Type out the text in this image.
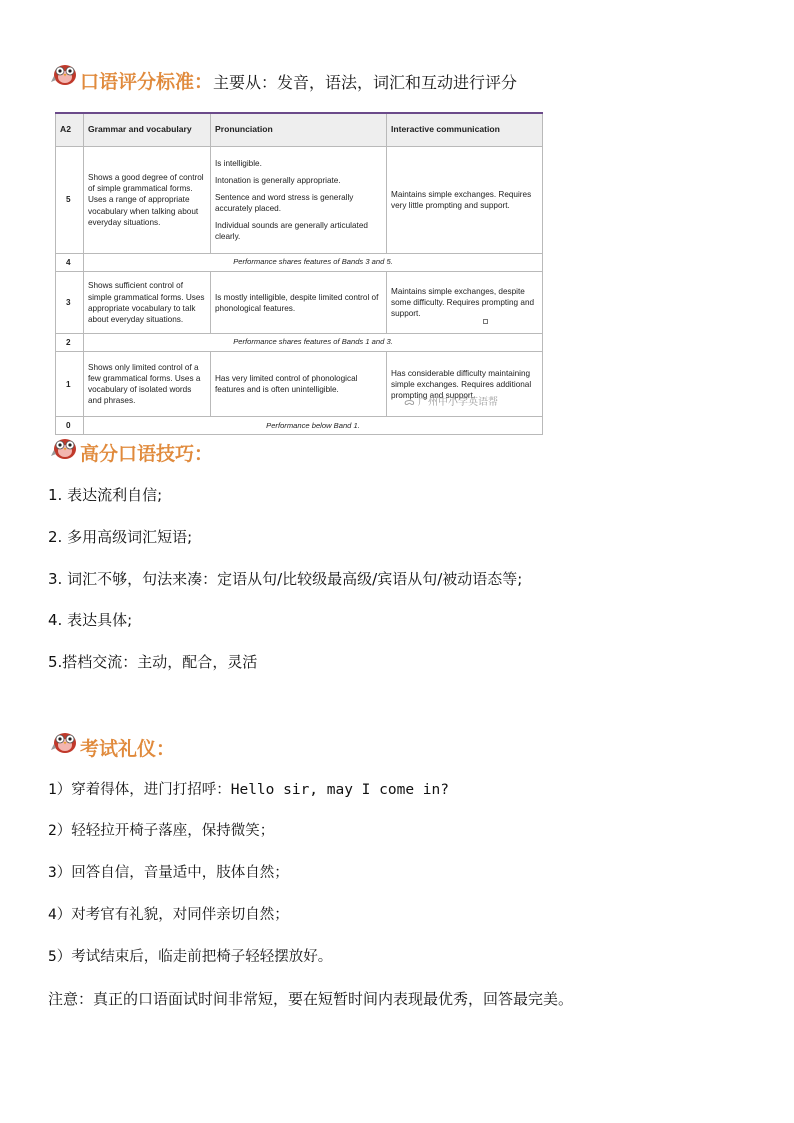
口语评分标准：主要从：发音，语法，词汇和互动进行评分
A2	Grammar and vocabulary	Pronunciation	Interactive communication
5	Shows a good degree of control of simple grammatical forms. Uses a range of appropriate vocabulary when talking about everyday situations.	Is intelligible.

Intonation is generally appropriate.

Sentence and word stress is generally accurately placed.

Individual sounds are generally articulated clearly.	Maintains simple exchanges. Requires very little prompting and support.
4	Performance shares features of Bands 3 and 5.		
3	Shows sufficient control of simple grammatical forms. Uses appropriate vocabulary to talk about everyday situations.	Is mostly intelligible, despite limited control of phonological features.	Maintains simple exchanges, despite some difficulty. Requires prompting and support.
2	Performance shares features of Bands 1 and 3.		
1	Shows only limited control of a few grammatical forms. Uses a vocabulary of isolated words and phrases.	Has very limited control of phonological features and is often unintelligible.	Has considerable difficulty maintaining simple exchanges. Requires additional prompting and support.
0	Performance below Band 1.		
ᯅ 广州中小学英语帮
高分口语技巧：
1. 表达流利自信;
2. 多用高级词汇短语;
3. 词汇不够，句法来凑：定语从句/比较级最高级/宾语从句/被动语态等;
4. 表达具体;
5.搭档交流：主动，配合，灵活
考试礼仪：
1）穿着得体，进门打招呼：Hello sir, may I come in?
2）轻轻拉开椅子落座，保持微笑；
3）回答自信，音量适中，肢体自然；
4）对考官有礼貌，对同伴亲切自然；
5）考试结束后，临走前把椅子轻轻摆放好。
注意：真正的口语面试时间非常短，要在短暂时间内表现最优秀，回答最完美。
